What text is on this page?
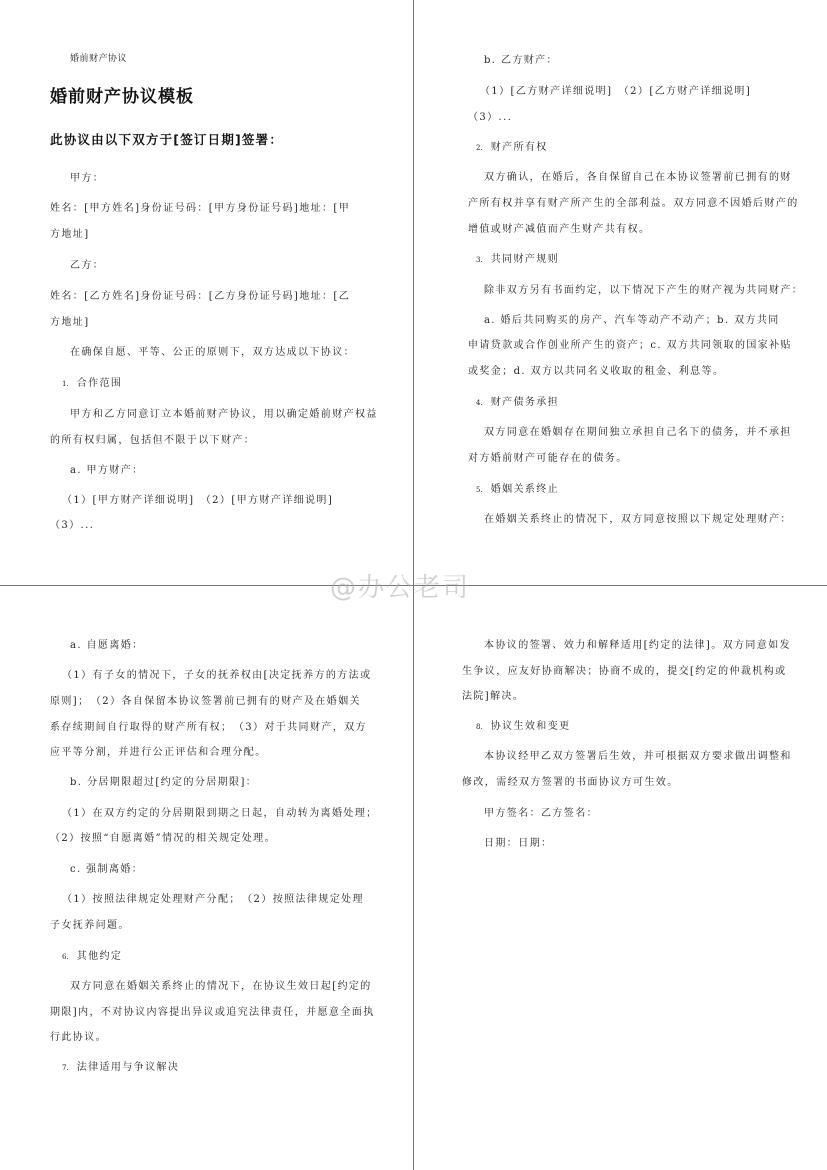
婚前财产协议
婚前财产协议模板
此协议由以下双方于[签订日期]签署：
甲方：
姓名：[甲方姓名]身份证号码：[甲方身份证号码]地址：[甲
方地址]
乙方：
姓名：[乙方姓名]身份证号码：[乙方身份证号码]地址：[乙
方地址]
在确保自愿、平等、公正的原则下，双方达成以下协议：
1. 合作范围
甲方和乙方同意订立本婚前财产协议，用以确定婚前财产权益
的所有权归属，包括但不限于以下财产：
a. 甲方财产：
（1）[甲方财产详细说明]　（2）[甲方财产详细说明]
（3）...
b. 乙方财产：
（1）[乙方财产详细说明]　（2）[乙方财产详细说明]
（3）...
2. 财产所有权
双方确认，在婚后，各自保留自己在本协议签署前已拥有的财
产所有权并享有财产所产生的全部利益。双方同意不因婚后财产的
增值或财产减值而产生财产共有权。
3. 共同财产规则
除非双方另有书面约定，以下情况下产生的财产视为共同财产：
a. 婚后共同购买的房产、汽车等动产不动产；b. 双方共同
申请贷款或合作创业所产生的资产；c. 双方共同领取的国家补贴
或奖金；d. 双方以共同名义收取的租金、利息等。
4. 财产债务承担
双方同意在婚姻存在期间独立承担自己名下的债务，并不承担
对方婚前财产可能存在的债务。
5. 婚姻关系终止
在婚姻关系终止的情况下，双方同意按照以下规定处理财产：
a. 自愿离婚：
（1）有子女的情况下，子女的抚养权由[决定抚养方的方法或
原则]；　（2）各自保留本协议签署前已拥有的财产及在婚姻关
系存续期间自行取得的财产所有权；　（3）对于共同财产，双方
应平等分割，并进行公正评估和合理分配。
b. 分居期限超过[约定的分居期限]：
（1）在双方约定的分居期限到期之日起，自动转为离婚处理；
（2）按照“自愿离婚”情况的相关规定处理。
c. 强制离婚：
（1）按照法律规定处理财产分配；　（2）按照法律规定处理
子女抚养问题。
6. 其他约定
双方同意在婚姻关系终止的情况下，在协议生效日起[约定的
期限]内，不对协议内容提出异议或追究法律责任，并愿意全面执
行此协议。
7. 法律适用与争议解决
本协议的签署、效力和解释适用[约定的法律]。双方同意如发
生争议，应友好协商解决；协商不成的，提交[约定的仲裁机构或
法院]解决。
8. 协议生效和变更
本协议经甲乙双方签署后生效，并可根据双方要求做出调整和
修改，需经双方签署的书面协议方可生效。
甲方签名：乙方签名：
日期：日期：
@办公老司
